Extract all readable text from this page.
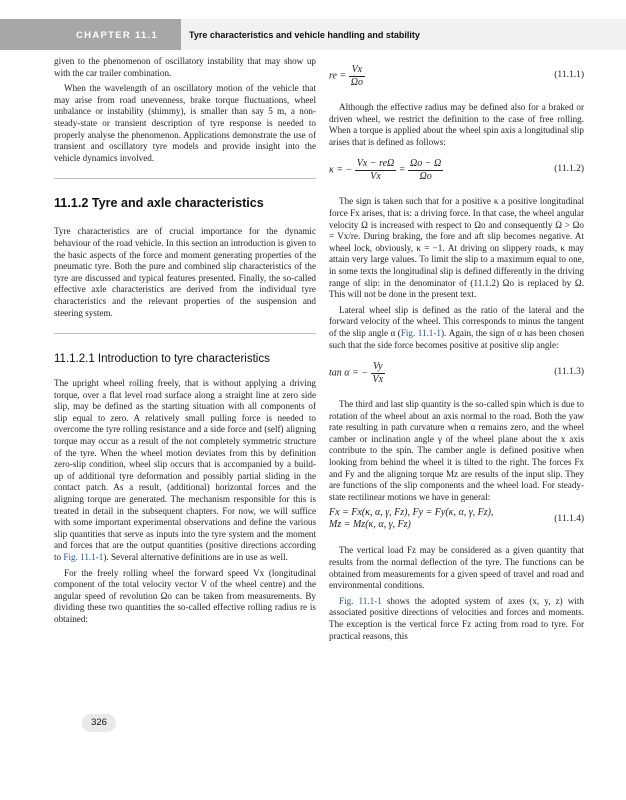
CHAPTER 11.1	Tyre characteristics and vehicle handling and stability

given to the phenomenon of oscillatory instability that may show up with the car trailer combination.

When the wavelength of an oscillatory motion of the vehicle that may arise from road unevenness, brake torque fluctuations, wheel unbalance or instability (shimmy), is smaller than say 5 m, a non-steady-state or transient description of tyre response is needed to properly analyse the phenomenon. Applications demonstrate the use of transient and oscillatory tyre models and provide insight into the vehicle dynamics involved.

11.1.2 Tyre and axle characteristics

Tyre characteristics are of crucial importance for the dynamic behaviour of the road vehicle. In this section an introduction is given to the basic aspects of the force and moment generating properties of the pneumatic tyre. Both the pure and combined slip characteristics of the tyre are discussed and typical features presented. Finally, the so-called effective axle characteristics are derived from the individual tyre characteristics and the relevant properties of the suspension and steering system.

11.1.2.1 Introduction to tyre characteristics

The upright wheel rolling freely, that is without applying a driving torque, over a flat level road surface along a straight line at zero side slip, may be defined as the starting situation with all components of slip equal to zero. A relatively small pulling force is needed to overcome the tyre rolling resistance and a side force and (self) aligning torque may occur as a result of the not completely symmetric structure of the tyre. When the wheel motion deviates from this by definition zero-slip condition, wheel slip occurs that is accompanied by a build-up of additional tyre deformation and possibly partial sliding in the contact patch. As a result, (additional) horizontal forces and the aligning torque are generated. The mechanism responsible for this is treated in detail in the subsequent chapters. For now, we will suffice with some important experimental observations and define the various slip quantities that serve as inputs into the tyre system and the moment and forces that are the output quantities (positive directions according to Fig. 11.1-1). Several alternative definitions are in use as well.

For the freely rolling wheel the forward speed Vx (longitudinal component of the total velocity vector V of the wheel centre) and the angular speed of revolution Ωo can be taken from measurements. By dividing these two quantities the so-called effective rolling radius re is obtained:

re = $\frac{Vx}{\Omega o}$	(11.1.1)

Although the effective radius may be defined also for a braked or driven wheel, we restrict the definition to the case of free rolling. When a torque is applied about the wheel spin axis a longitudinal slip arises that is defined as follows:

κ = − $\frac{\text{Vx − reΩ}}{Vx} = \frac{\Omega o - \Omega}{\Omega o}$	(11.1.2)

The sign is taken such that for a positive κ a positive longitudinal force Fx arises, that is: a driving force. In that case, the wheel angular velocity Ω is increased with respect to Ωo and consequently Ω > Ωo = Vx/re. During braking, the fore and aft slip becomes negative. At wheel lock, obviously, κ = −1. At driving on slippery roads, κ may attain very large values. To limit the slip to a maximum equal to one, in some texts the longitudinal slip is defined differently in the driving range of slip: in the denominator of (11.1.2) Ωo is replaced by Ω. This will not be done in the present text.

Lateral wheel slip is defined as the ratio of the lateral and the forward velocity of the wheel. This corresponds to minus the tangent of the slip angle α (Fig. 11.1-1). Again, the sign of α has been chosen such that the side force becomes positive at positive slip angle:

tan α = − $\frac{Vy}{Vx}$	(11.1.3)

The third and last slip quantity is the so-called spin which is due to rotation of the wheel about an axis normal to the road. Both the yaw rate resulting in path curvature when α remains zero, and the wheel camber or inclination angle γ of the wheel plane about the x axis contribute to the spin. The camber angle is defined positive when looking from behind the wheel it is tilted to the right. The forces Fx and Fy and the aligning torque Mz are results of the input slip. They are functions of the slip components and the wheel load. For steady-state rectilinear motions we have in general:

Fx = Fx(κ, α, γ, Fz), Fy = Fy(κ, α, γ, Fz),
Mz = Mz(κ, α, γ, Fz)	(11.1.4)

The vertical load Fz may be considered as a given quantity that results from the normal deflection of the tyre. The functions can be obtained from measurements for a given speed of travel and road and environmental conditions.

Fig. 11.1-1 shows the adopted system of axes (x, y, z) with associated positive directions of velocities and forces and moments. The exception is the vertical force Fz acting from road to tyre. For practical reasons, this

326
